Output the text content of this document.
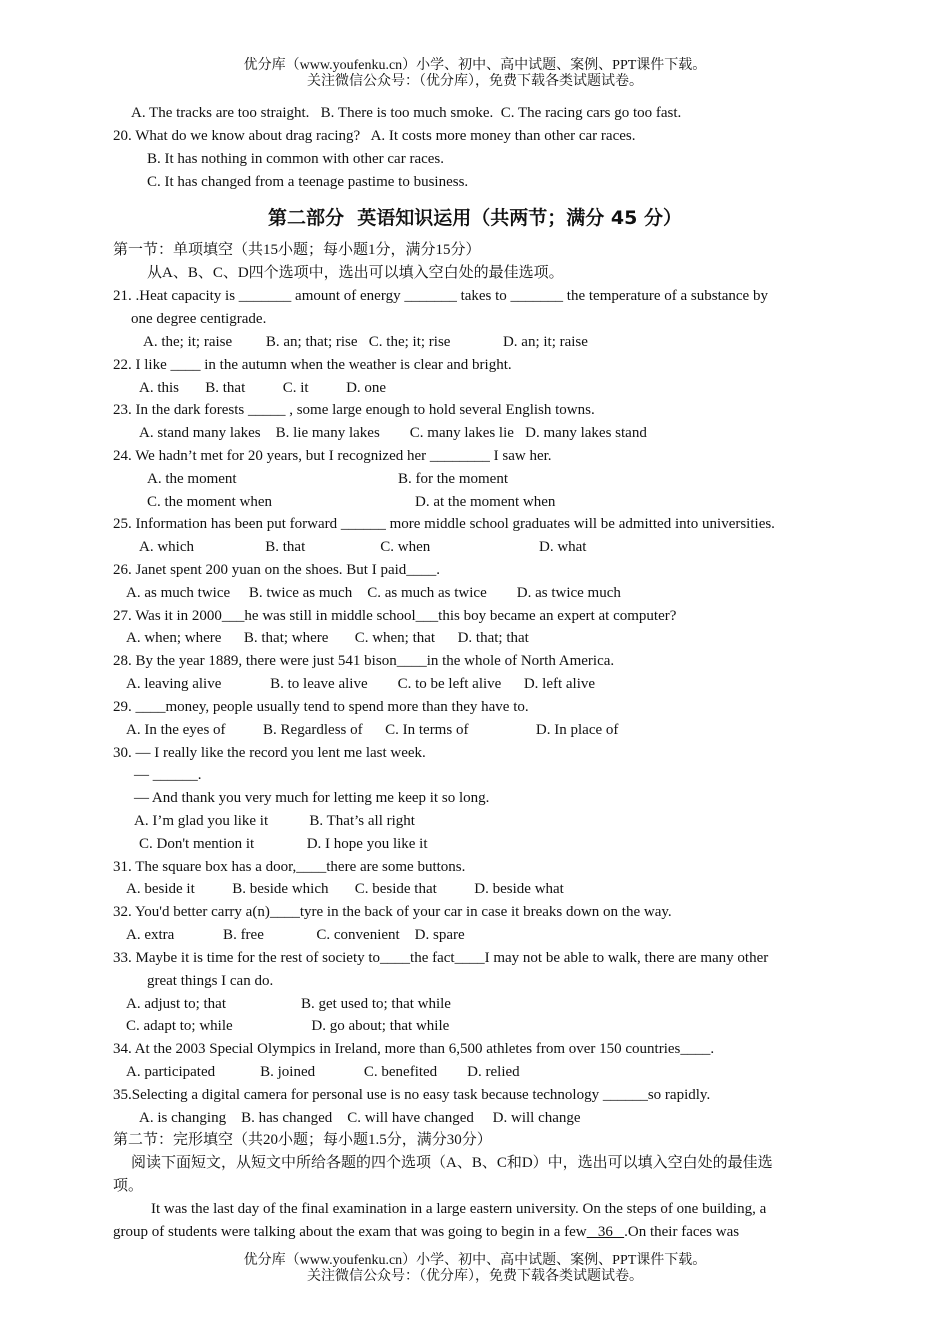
优分库（www.youfenku.cn）小学、初中、高中试题、案例、PPT课件下载。
关注微信公众号：（优分库），免费下载各类试题试卷。
A. The tracks are too straight.   B. There is too much smoke.  C. The racing cars go too fast.
20. What do we know about drag racing?   A. It costs more money than other car races.
B. It has nothing in common with other car races.
C. It has changed from a teenage pastime to business.
第二部分  英语知识运用（共两节；满分 45 分）
第一节：单项填空（共15小题；每小题1分，满分15分）
从A、B、C、D四个选项中，选出可以填入空白处的最佳选项。
21. .Heat capacity is _______ amount of energy _______ takes to _______ the temperature of a substance by
one degree centigrade.
A. the; it; raise         B. an; that; rise   C. the; it; rise              D. an; it; raise
22. I like ____ in the autumn when the weather is clear and bright.
A. this       B. that          C. it          D. one
23. In the dark forests _____ , some large enough to hold several English towns.
A. stand many lakes    B. lie many lakes        C. many lakes lie   D. many lakes stand
24. We hadn’t met for 20 years, but I recognized her ________ I saw her.
A. the moment	B. for the moment
C. the moment when	D. at the moment when
25. Information has been put forward ______ more middle school graduates will be admitted into universities.
A. which                   B. that                    C. when                             D. what
26. Janet spent 200 yuan on the shoes. But I paid____.
A. as much twice     B. twice as much    C. as much as twice        D. as twice much
27. Was it in 2000___he was still in middle school___this boy became an expert at computer?
A. when; where      B. that; where       C. when; that      D. that; that
28. By the year 1889, there were just 541 bison____in the whole of North America.
A. leaving alive             B. to leave alive        C. to be left alive      D. left alive
29. ____money, people usually tend to spend more than they have to.
A. In the eyes of          B. Regardless of      C. In terms of                  D. In place of
30. — I really like the record you lent me last week.
— ______.
— And thank you very much for letting me keep it so long.
A. I’m glad you like it           B. That’s all right
C. Don't mention it              D. I hope you like it
31. The square box has a door,____there are some buttons.
A. beside it          B. beside which       C. beside that          D. beside what
32. You'd better carry a(n)____tyre in the back of your car in case it breaks down on the way.
A. extra             B. free              C. convenient    D. spare
33. Maybe it is time for the rest of society to____the fact____I may not be able to walk, there are many other
great things I can do.
A. adjust to; that                    B. get used to; that while
C. adapt to; while                     D. go about; that while
34. At the 2003 Special Olympics in Ireland, more than 6,500 athletes from over 150 countries____.
A. participated            B. joined             C. benefited        D. relied
35.Selecting a digital camera for personal use is no easy task because technology ______so rapidly.
A. is changing    B. has changed    C. will have changed     D. will change
第二节：完形填空（共20小题；每小题1.5分，满分30分）
阅读下面短文，从短文中所给各题的四个选项（A、B、C和D）中，选出可以填入空白处的最佳选
项。
It was the last day of the final examination in a large eastern university. On the steps of one building, a
group of students were talking about the exam that was going to begin in a few   36   .On their faces was
优分库（www.youfenku.cn）小学、初中、高中试题、案例、PPT课件下载。
关注微信公众号：（优分库），免费下载各类试题试卷。
